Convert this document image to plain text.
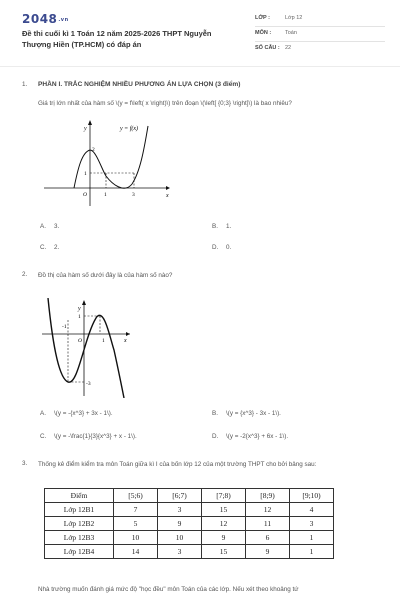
2048.vn
Đề thi cuối kì 1 Toán 12 năm 2025-2026 THPT Nguyễn Thượng Hiền (TP.HCM) có đáp án
LỚP :	Lớp 12
MÔN :	Toán
SỐ CÂU : 22
1. PHẦN I. TRẮC NGHIỆM NHIỀU PHƯƠNG ÁN LỰA CHỌN (3 điểm)
Giá trị lớn nhất của hàm số \(y = f\left( x \right)\) trên đoạn \(\left[ {0;3} \right]\) là bao nhiêu?
y
x
y = f(x)
O
2
1
1	3
A. 3.	B. 1.
C. 2.	D. 0.
2. Đồ thị của hàm số dưới đây là của hàm số nào?
y
x
O
1
-1
-3
1
A. \(y = -{x^3} + 3x - 1\).	B. \(y = {x^3} - 3x - 1\).
C. \(y = -\frac{1}{3}{x^3} + x - 1\).	D. \(y = -2{x^3} + 6x - 1\).
3. Thống kê điểm kiểm tra môn Toán giữa kì I của bốn lớp 12 của một trường THPT cho bởi bảng sau:
Điểm	[5;6)	[6;7)	[7;8)	[8;9)	[9;10)
Lớp 12B1	7	3	15	12	4
Lớp 12B2	5	9	12	11	3
Lớp 12B3	10	10	9	6	1
Lớp 12B4	14	3	15	9	1
Nhà trường muốn đánh giá mức độ "học đều" môn Toán của các lớp. Nếu xét theo khoảng tứ
